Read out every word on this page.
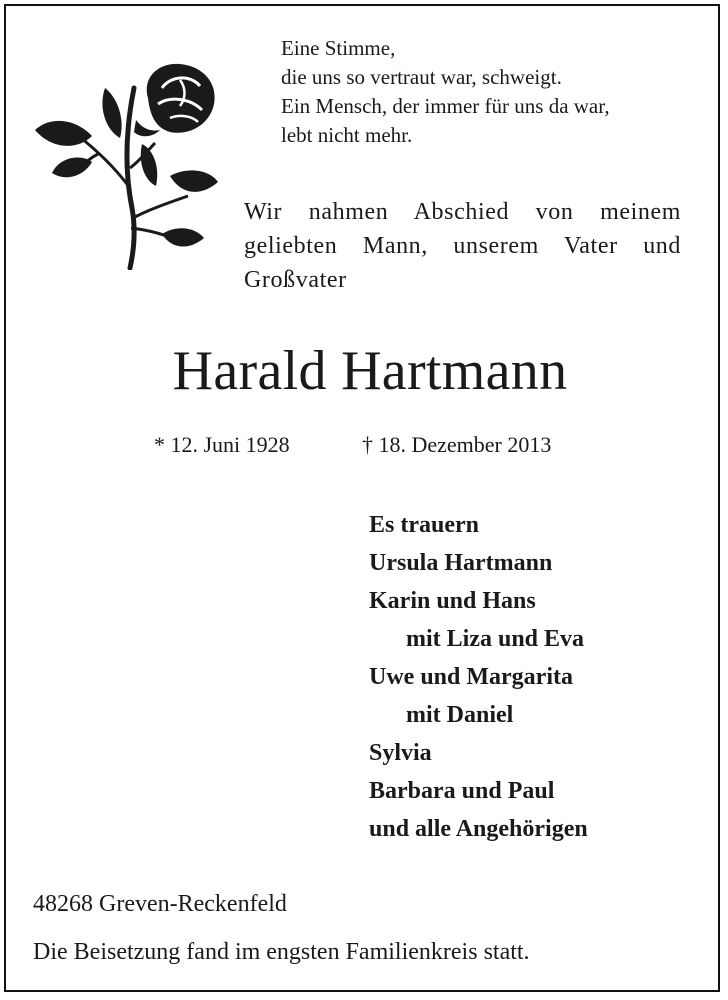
Eine Stimme,
die uns so vertraut war, schweigt.
Ein Mensch, der immer für uns da war,
lebt nicht mehr.
Wir nahmen Abschied von meinem
geliebten Mann, unserem Vater und
Großvater
Harald Hartmann
* 12. Juni 1928	† 18. Dezember 2013
Es trauern
Ursula Hartmann
Karin und Hans
mit Liza und Eva
Uwe und Margarita
mit Daniel
Sylvia
Barbara und Paul
und alle Angehörigen
48268 Greven-Reckenfeld
Die Beisetzung fand im engsten Familienkreis statt.
